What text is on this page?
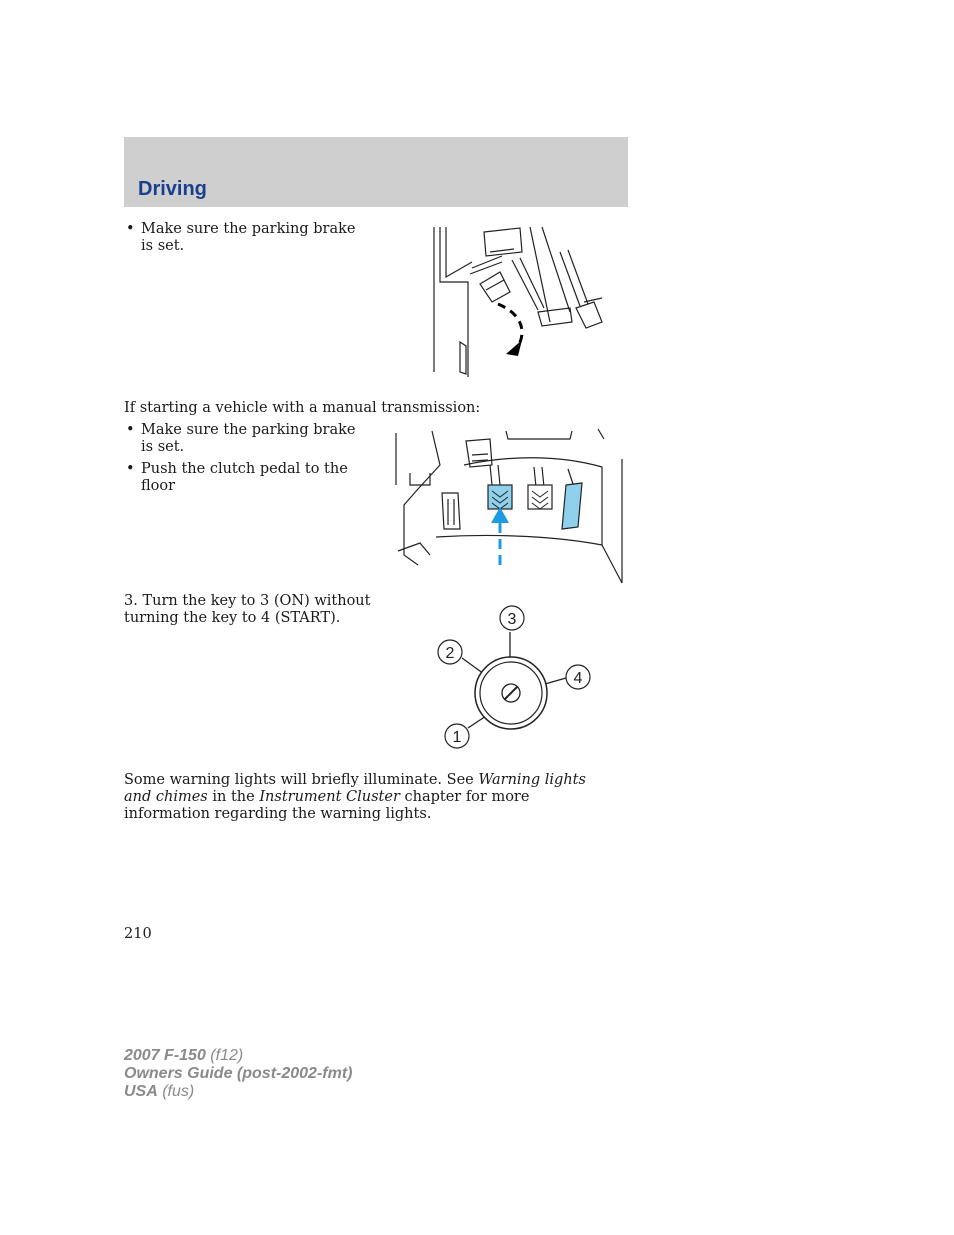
Driving
• Make sure the parking brake is set.
If starting a vehicle with a manual transmission:
• Make sure the parking brake is set.
• Push the clutch pedal to the floor
3. Turn the key to 3 (ON) without turning the key to 4 (START).	3
2
4
1
Some warning lights will briefly illuminate. See Warning lights and chimes in the Instrument Cluster chapter for more information regarding the warning lights.
210
2007 F-150 (f12)
Owners Guide (post-2002-fmt)
USA (fus)
